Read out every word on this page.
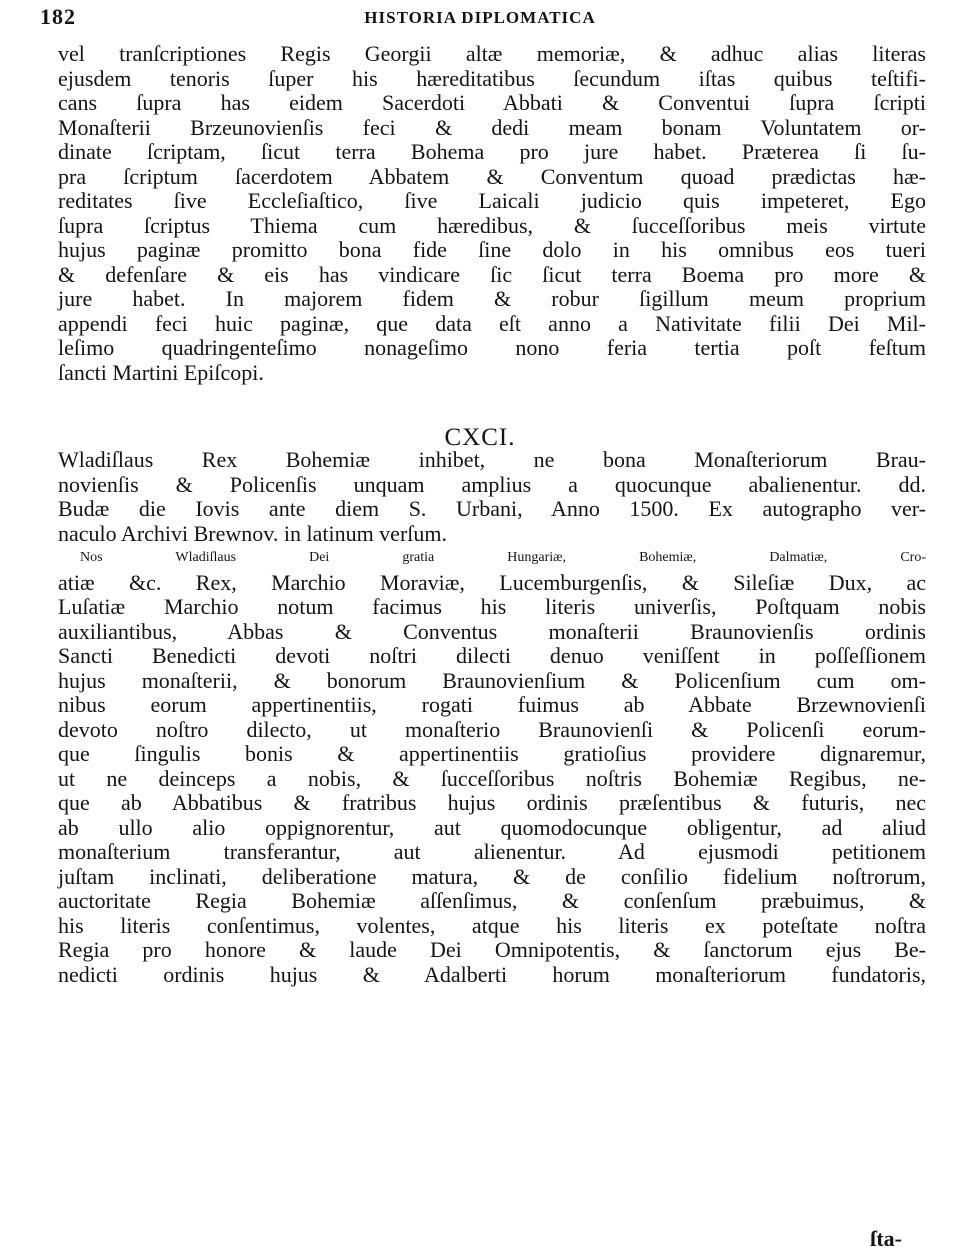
182	HISTORIA DIPLOMATICA
vel tranſcriptiones Regis Georgii altæ memoriæ, & adhuc alias literas
ejusdem tenoris ſuper his hæreditatibus ſecundum iſtas quibus teſtifi-
cans ſupra has eidem Sacerdoti Abbati & Conventui ſupra ſcripti
Monaſterii Brzeunovienſis feci & dedi meam bonam Voluntatem or-
dinate ſcriptam, ſicut terra Bohema pro jure habet. Præterea ſi ſu-
pra ſcriptum ſacerdotem Abbatem & Conventum quoad prædictas hæ-
reditates ſive Eccleſiaſtico, ſive Laicali judicio quis impeteret, Ego
ſupra ſcriptus Thiema cum hæredibus, & ſucceſſoribus meis virtute
hujus paginæ promitto bona fide ſine dolo in his omnibus eos tueri
& defenſare & eis has vindicare ſic ſicut terra Boema pro more &
jure habet. In majorem fidem & robur ſigillum meum proprium
appendi feci huic paginæ, que data eſt anno a Nativitate filii Dei Mil-
leſimo quadringenteſimo nonageſimo nono feria tertia poſt feſtum
ſancti Martini Epiſcopi.
CXCI.
Wladiſlaus Rex Bohemiæ inhibet, ne bona Monaſteriorum Brau-
novienſis & Policenſis unquam amplius a quocunque abalienentur. dd.
Budæ die Iovis ante diem S. Urbani, Anno 1500. Ex autographo ver-
naculo Archivi Brewnov. in latinum verſum.
Nos Wladiſlaus Dei gratia Hungariæ, Bohemiæ, Dalmatiæ, Cro-
atiæ &c. Rex, Marchio Moraviæ, Lucemburgenſis, & Sileſiæ Dux, ac
Luſatiæ Marchio notum facimus his literis univerſis, Poſtquam nobis
auxiliantibus, Abbas & Conventus monaſterii Braunovienſis ordinis
Sancti Benedicti devoti noſtri dilecti denuo veniſſent in poſſeſſionem
hujus monaſterii, & bonorum Braunovienſium & Policenſium cum om-
nibus eorum appertinentiis, rogati fuimus ab Abbate Brzewnovienſi
devoto noſtro dilecto, ut monaſterio Braunovienſi & Policenſi eorum-
que ſingulis bonis & appertinentiis gratioſius providere dignaremur,
ut ne deinceps a nobis, & ſucceſſoribus noſtris Bohemiæ Regibus, ne-
que ab Abbatibus & fratribus hujus ordinis præſentibus & futuris, nec
ab ullo alio oppignorentur, aut quomodocunque obligentur, ad aliud
monaſterium transferantur, aut alienentur. Ad ejusmodi petitionem
juſtam inclinati, deliberatione matura, & de conſilio fidelium noſtrorum,
auctoritate Regia Bohemiæ aſſenſimus, & conſenſum præbuimus, &
his literis conſentimus, volentes, atque his literis ex poteſtate noſtra
Regia pro honore & laude Dei Omnipotentis, & ſanctorum ejus Be-
nedicti ordinis hujus & Adalberti horum monaſteriorum fundatoris,
ſta-
